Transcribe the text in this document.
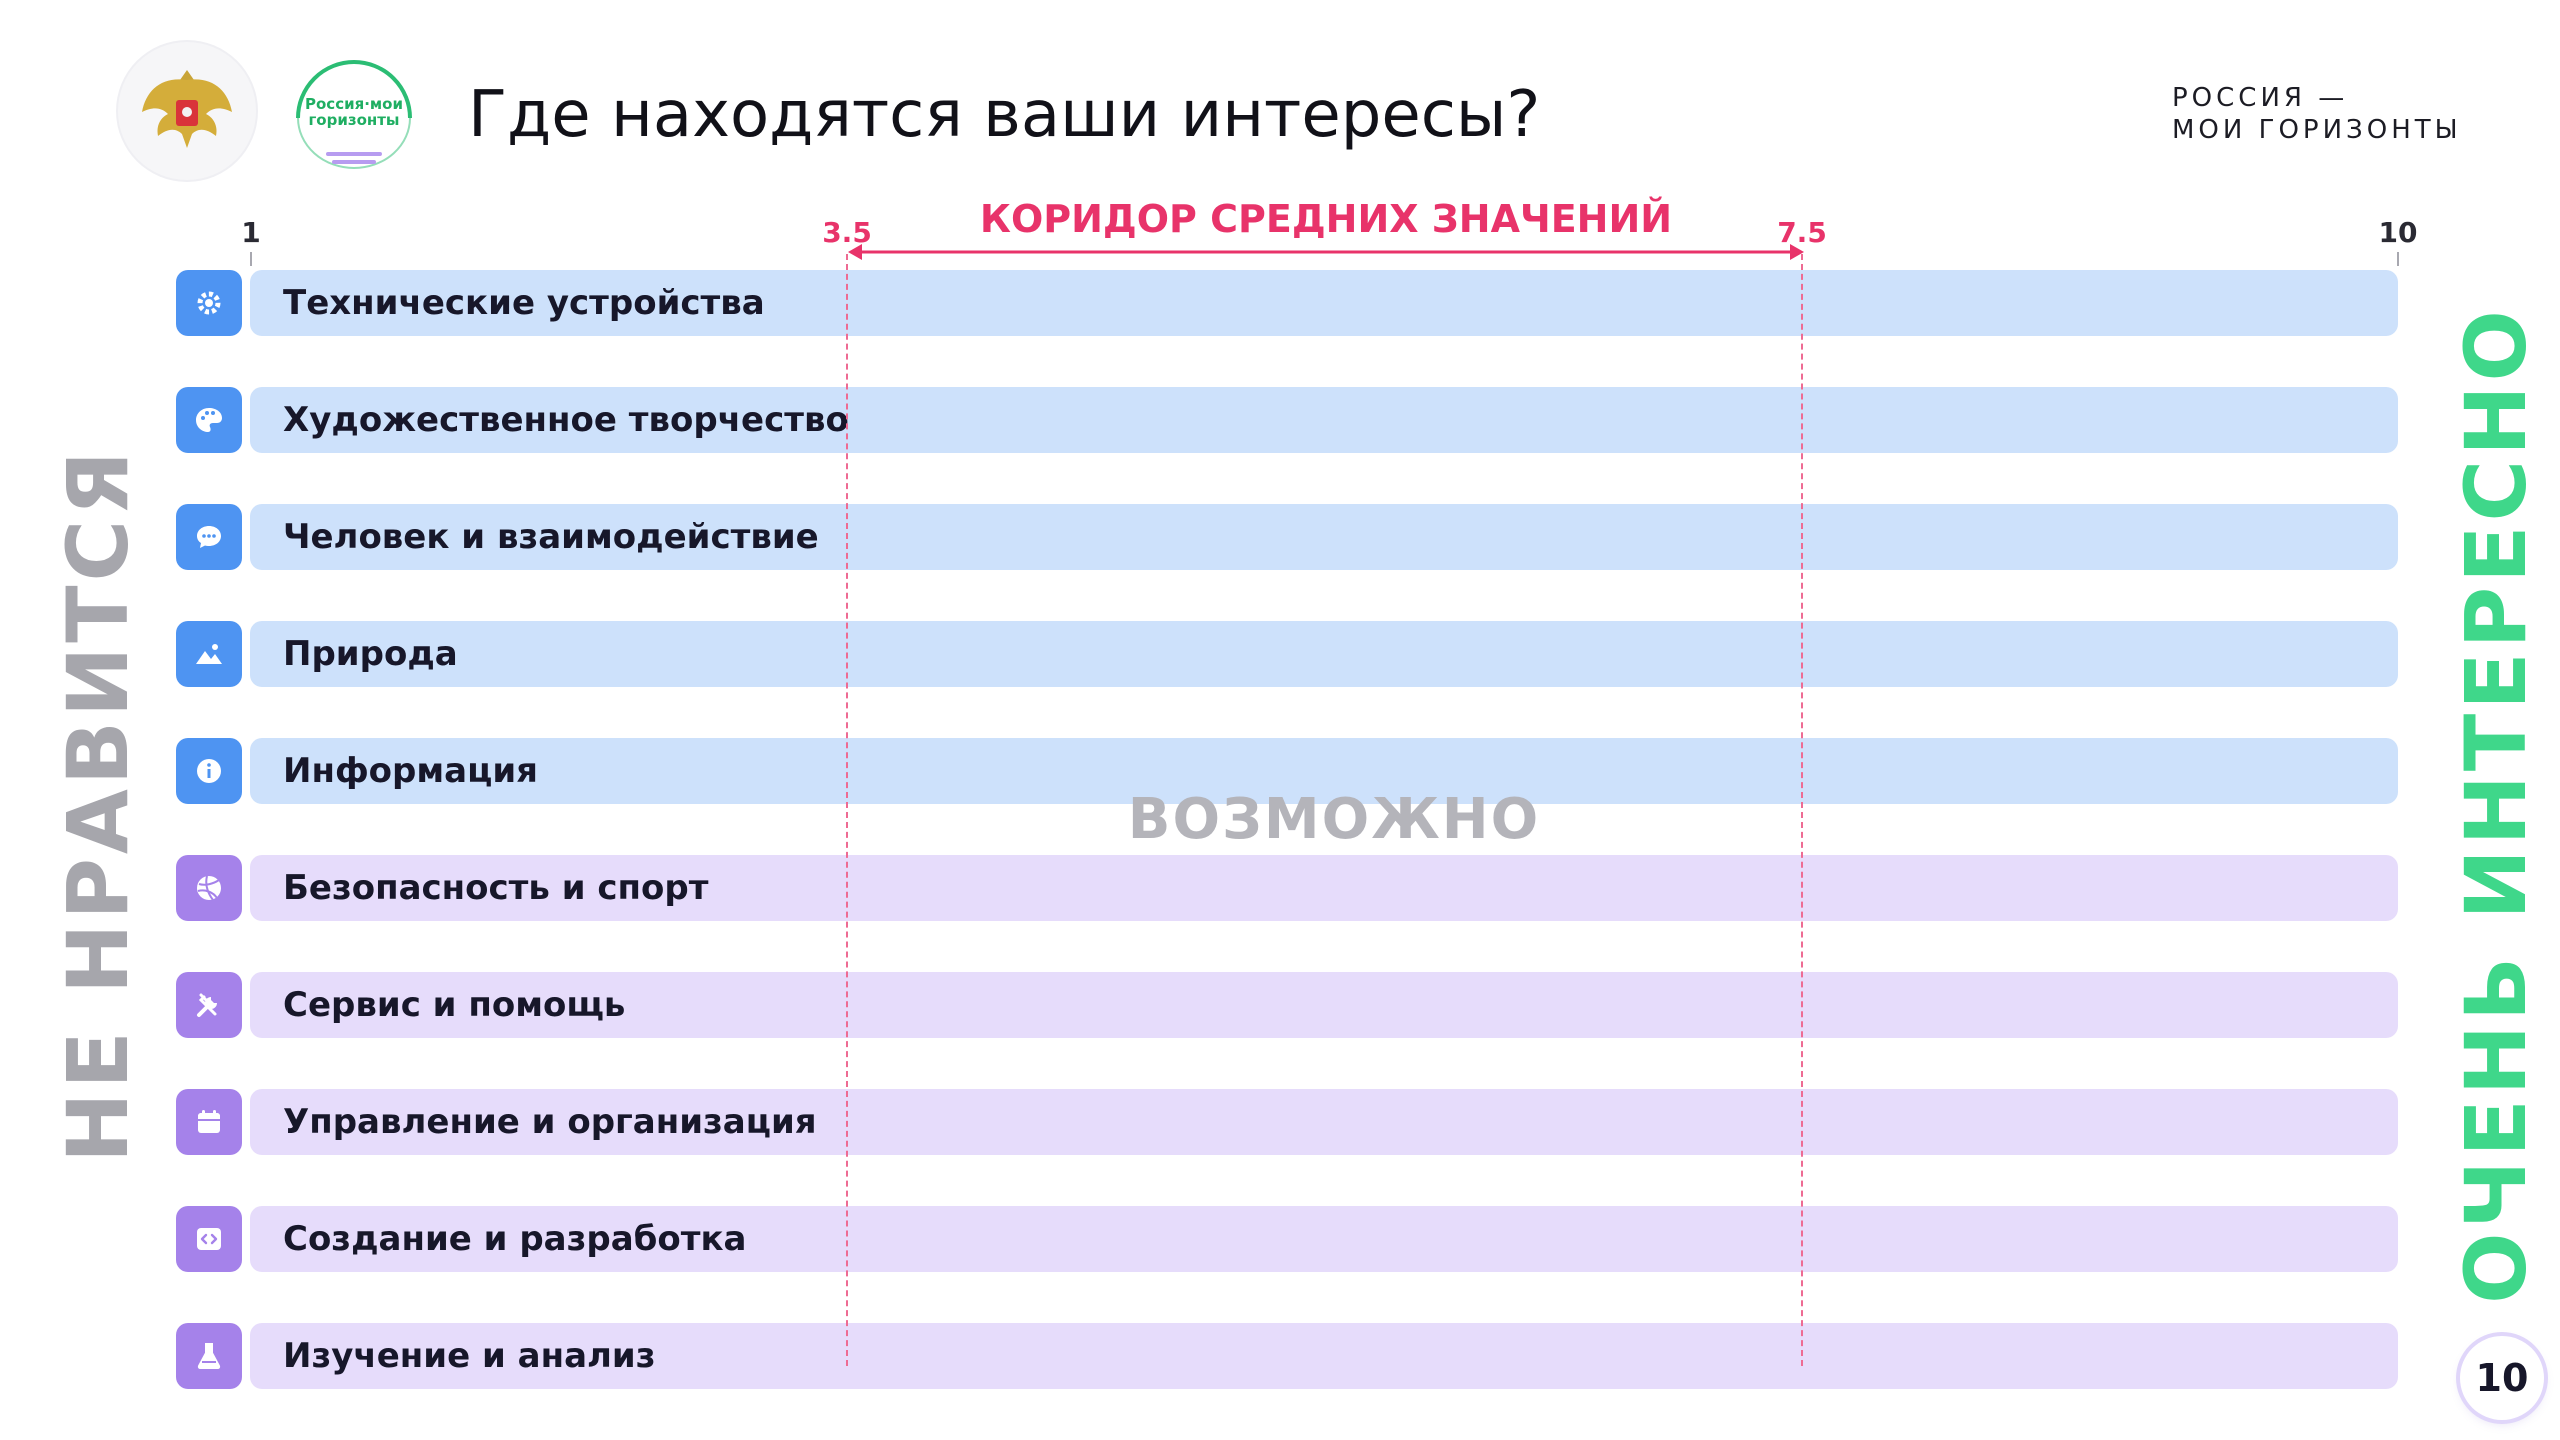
Россия·мои горизонты Где находятся ваши интересы?	РОССИЯ —
МОИ ГОРИЗОНТЫ
1	3.5	7.5	10
КОРИДОР СРЕДНИХ ЗНАЧЕНИЙ
Технические устройства
Художественное творчество
Человек и взаимодействие
Природа
Информация
Безопасность и спорт
Сервис и помощь
Управление и организация
Создание и разработка
Изучение и анализ
ВОЗМОЖНО
НЕ НРАВИТСЯ	ОЧЕНЬ ИНТЕРЕСНО
10
